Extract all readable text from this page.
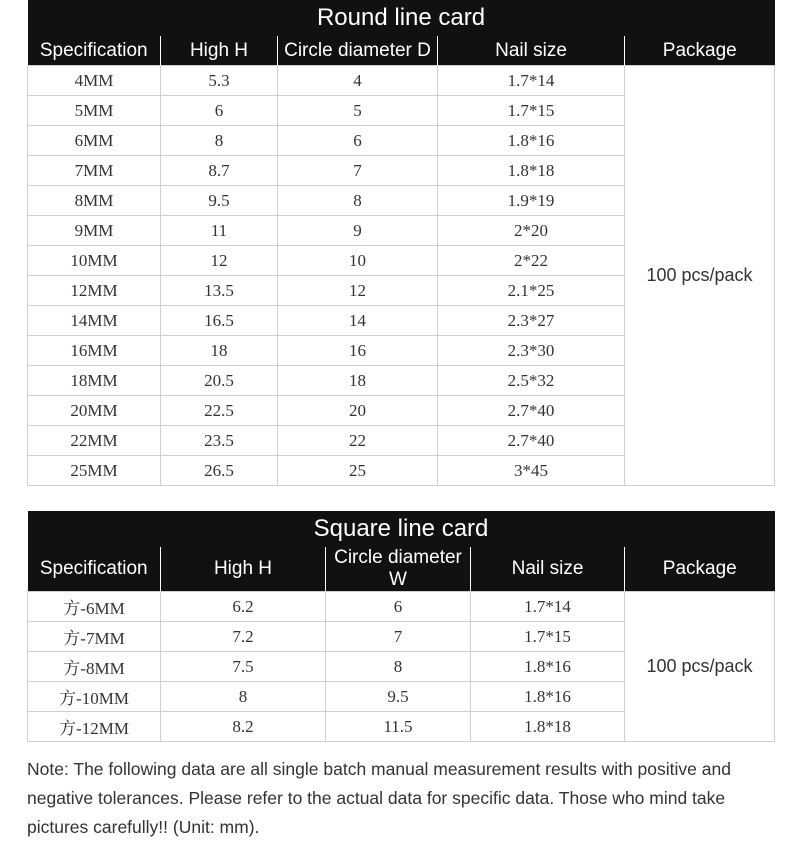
Round line card				
Specification	High H	Circle diameter D	Nail size	Package
4MM	5.3	4	1.7*14	100 pcs/pack
5MM	6	5	1.7*15	
6MM	8	6	1.8*16	
7MM	8.7	7	1.8*18	
8MM	9.5	8	1.9*19	
9MM	11	9	2*20	
10MM	12	10	2*22	
12MM	13.5	12	2.1*25	
14MM	16.5	14	2.3*27	
16MM	18	16	2.3*30	
18MM	20.5	18	2.5*32	
20MM	22.5	20	2.7*40	
22MM	23.5	22	2.7*40	
25MM	26.5	25	3*45	
Square line card				
Specification	High H	Circle diameter W	Nail size	Package
方-6MM	6.2	6	1.7*14	100 pcs/pack
方-7MM	7.2	7	1.7*15	
方-8MM	7.5	8	1.8*16	
方-10MM	8	9.5	1.8*16	
方-12MM	8.2	11.5	1.8*18	

Note: The following data are all single batch manual measurement results with positive and negative tolerances. Please refer to the actual data for specific data. Those who mind take pictures carefully!! (Unit: mm).
